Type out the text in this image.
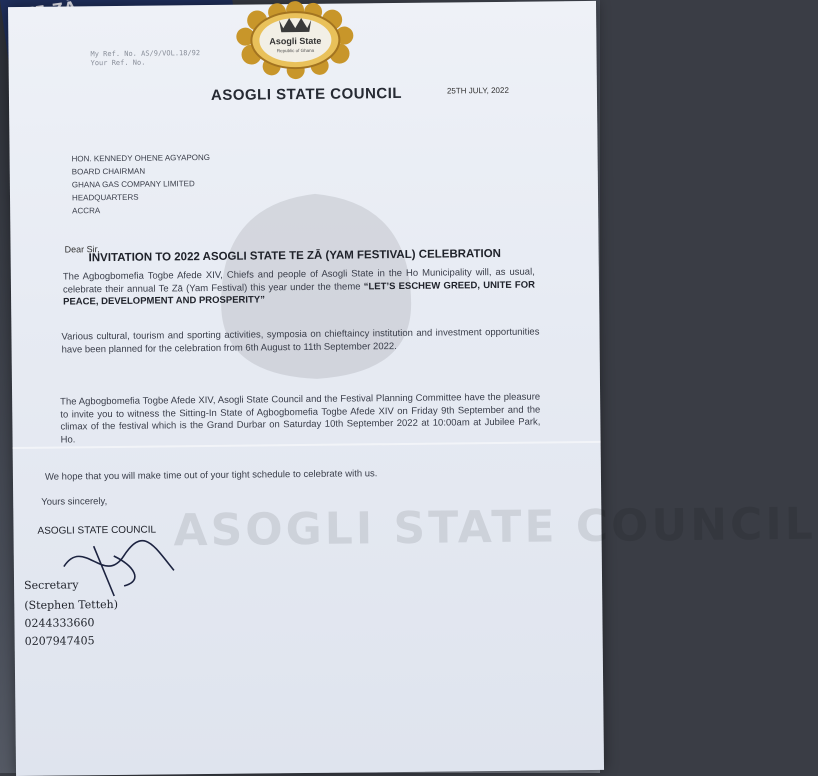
ASOGLI STATE COUNCIL
Asogli State
Republic of Ghana
My Ref. No. AS/9/VOL.18/92
Your Ref. No.
ASOGLI STATE COUNCIL	25TH JULY, 2022
HON. KENNEDY OHENE AGYAPONG
BOARD CHAIRMAN
GHANA GAS COMPANY LIMITED
HEADQUARTERS
ACCRA
Dear Sir,
INVITATION TO 2022 ASOGLI STATE TE ZĀ (YAM FESTIVAL) CELEBRATION
The Agbogbomefia Togbe Afede XIV, Chiefs and people of Asogli State in the Ho Municipality will, as usual, celebrate their annual Te Zā (Yam Festival) this year under the theme “LET’S ESCHEW GREED, UNITE FOR PEACE, DEVELOPMENT AND PROSPERITY”
Various cultural, tourism and sporting activities, symposia on chieftaincy institution and investment opportunities have been planned for the celebration from 6th August to 11th September 2022.
The Agbogbomefia Togbe Afede XIV, Asogli State Council and the Festival Planning Committee have the pleasure to invite you to witness the Sitting-In State of Agbogbomefia Togbe Afede XIV on Friday 9th September and the climax of the festival which is the Grand Durbar on Saturday 10th September 2022 at 10:00am at Jubilee Park, Ho.
We hope that you will make time out of your tight schedule to celebrate with us.
Yours sincerely,
ASOGLI STATE COUNCIL
Secretary
(Stephen Tetteh)
0244333660
0207947405
